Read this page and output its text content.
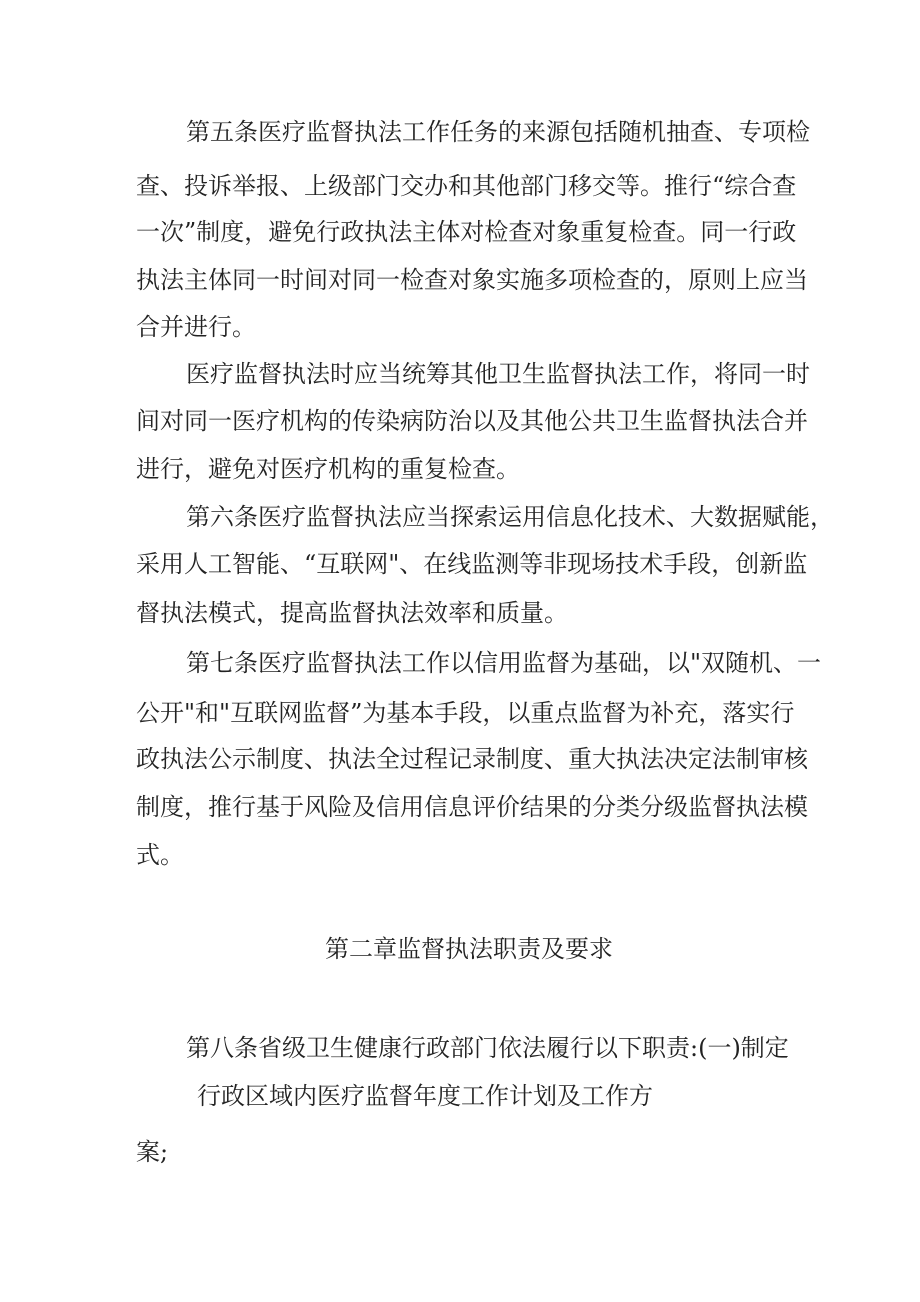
第五条医疗监督执法工作任务的来源包括随机抽查、专项检
查、投诉举报、上级部门交办和其他部门移交等。推行“综合查
一次”制度，避免行政执法主体对检查对象重复检查。同一行政
执法主体同一时间对同一检查对象实施多项检查的，原则上应当
合并进行。
医疗监督执法时应当统筹其他卫生监督执法工作，将同一时
间对同一医疗机构的传染病防治以及其他公共卫生监督执法合并
进行，避免对医疗机构的重复检查。
第六条医疗监督执法应当探索运用信息化技术、大数据赋能，
采用人工智能、“互联网"、在线监测等非现场技术手段，创新监
督执法模式，提高监督执法效率和质量。
第七条医疗监督执法工作以信用监督为基础，以"双随机、一
公开"和"互联网监督”为基本手段，以重点监督为补充，落实行
政执法公示制度、执法全过程记录制度、重大执法决定法制审核
制度，推行基于风险及信用信息评价结果的分类分级监督执法模
式。
第二章监督执法职责及要求
第八条省级卫生健康行政部门依法履行以下职责:(一)制定
行政区域内医疗监督年度工作计划及工作方
案;
